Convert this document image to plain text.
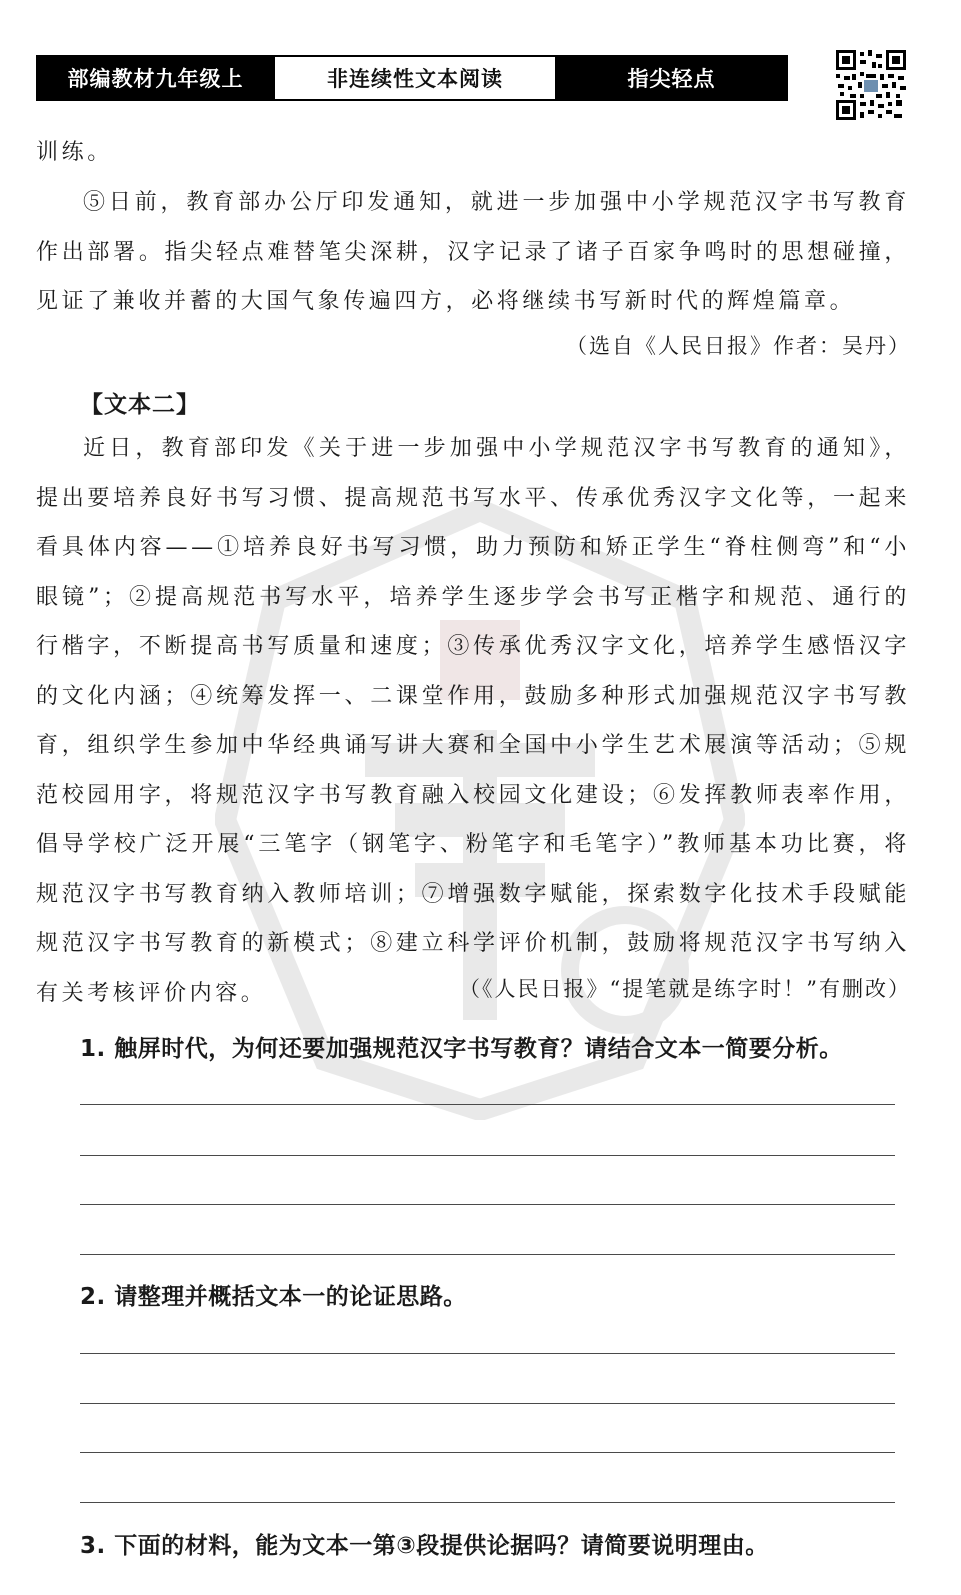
部编教材九年级上	非连续性文本阅读	指尖轻点

训练。

⑤日前，教育部办公厅印发通知，就进一步加强中小学规范汉字书写教育作出部署。指尖轻点难替笔尖深耕，汉字记录了诸子百家争鸣时的思想碰撞，见证了兼收并蓄的大国气象传遍四方，必将继续书写新时代的辉煌篇章。

（选自《人民日报》作者：吴丹）
【文本二】

近日，教育部印发《关于进一步加强中小学规范汉字书写教育的通知》，提出要培养良好书写习惯、提高规范书写水平、传承优秀汉字文化等，一起来看具体内容——①培养良好书写习惯，助力预防和矫正学生“脊柱侧弯”和“小眼镜”；②提高规范书写水平，培养学生逐步学会书写正楷字和规范、通行的行楷字，不断提高书写质量和速度；③传承优秀汉字文化，培养学生感悟汉字的文化内涵；④统筹发挥一、二课堂作用，鼓励多种形式加强规范汉字书写教育，组织学生参加中华经典诵写讲大赛和全国中小学生艺术展演等活动；⑤规范校园用字，将规范汉字书写教育融入校园文化建设；⑥发挥教师表率作用，倡导学校广泛开展“三笔字（钢笔字、粉笔字和毛笔字）”教师基本功比赛，将规范汉字书写教育纳入教师培训；⑦增强数字赋能，探索数字化技术手段赋能规范汉字书写教育的新模式；⑧建立科学评价机制，鼓励将规范汉字书写纳入有关考核评价内容。	（《人民日报》“提笔就是练字时！”有删改）
1. 触屏时代，为何还要加强规范汉字书写教育？请结合文本一简要分析。
2. 请整理并概括文本一的论证思路。
3. 下面的材料，能为文本一第③段提供论据吗？请简要说明理由。
